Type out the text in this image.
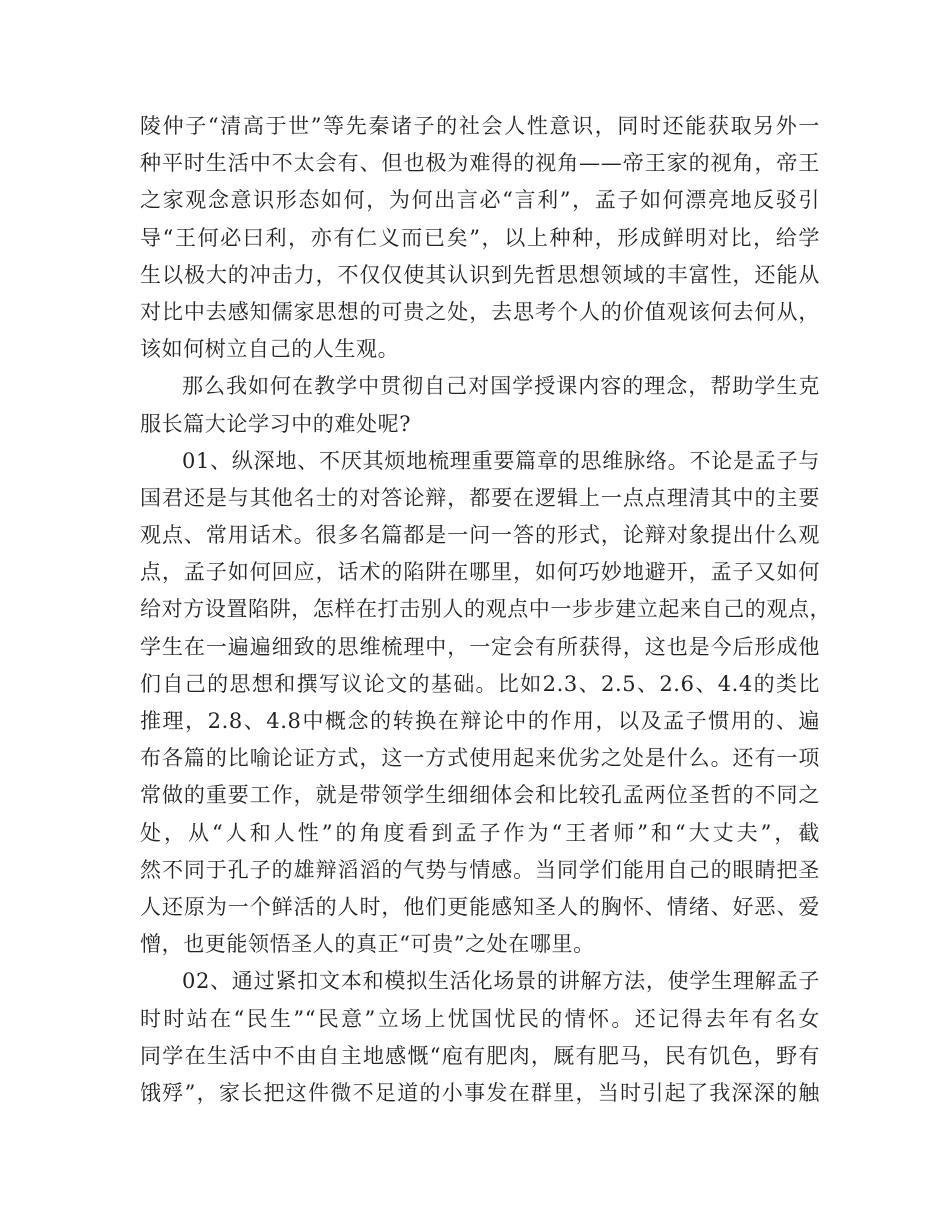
陵仲子“清高于世”等先秦诸子的社会人性意识，同时还能获取另外一
种平时生活中不太会有、但也极为难得的视角——帝王家的视角，帝王
之家观念意识形态如何，为何出言必“言利”，孟子如何漂亮地反驳引
导“王何必曰利，亦有仁义而已矣”，以上种种，形成鲜明对比，给学
生以极大的冲击力，不仅仅使其认识到先哲思想领域的丰富性，还能从
对比中去感知儒家思想的可贵之处，去思考个人的价值观该何去何从，
该如何树立自己的人生观。
那么我如何在教学中贯彻自己对国学授课内容的理念，帮助学生克
服长篇大论学习中的难处呢?
01、纵深地、不厌其烦地梳理重要篇章的思维脉络。不论是孟子与
国君还是与其他名士的对答论辩，都要在逻辑上一点点理清其中的主要
观点、常用话术。很多名篇都是一问一答的形式，论辩对象提出什么观
点，孟子如何回应，话术的陷阱在哪里，如何巧妙地避开，孟子又如何
给对方设置陷阱，怎样在打击别人的观点中一步步建立起来自己的观点，
学生在一遍遍细致的思维梳理中，一定会有所获得，这也是今后形成他
们自己的思想和撰写议论文的基础。比如2.3、2.5、2.6、4.4的类比
推理，2.8、4.8中概念的转换在辩论中的作用，以及孟子惯用的、遍
布各篇的比喻论证方式，这一方式使用起来优劣之处是什么。还有一项
常做的重要工作，就是带领学生细细体会和比较孔孟两位圣哲的不同之
处，从“人和人性”的角度看到孟子作为“王者师”和“大丈夫”，截
然不同于孔子的雄辩滔滔的气势与情感。当同学们能用自己的眼睛把圣
人还原为一个鲜活的人时，他们更能感知圣人的胸怀、情绪、好恶、爱
憎，也更能领悟圣人的真正“可贵”之处在哪里。
02、通过紧扣文本和模拟生活化场景的讲解方法，使学生理解孟子
时时站在“民生”“民意”立场上忧国忧民的情怀。还记得去年有名女
同学在生活中不由自主地感慨“庖有肥肉，厩有肥马，民有饥色，野有
饿殍”，家长把这件微不足道的小事发在群里，当时引起了我深深的触
